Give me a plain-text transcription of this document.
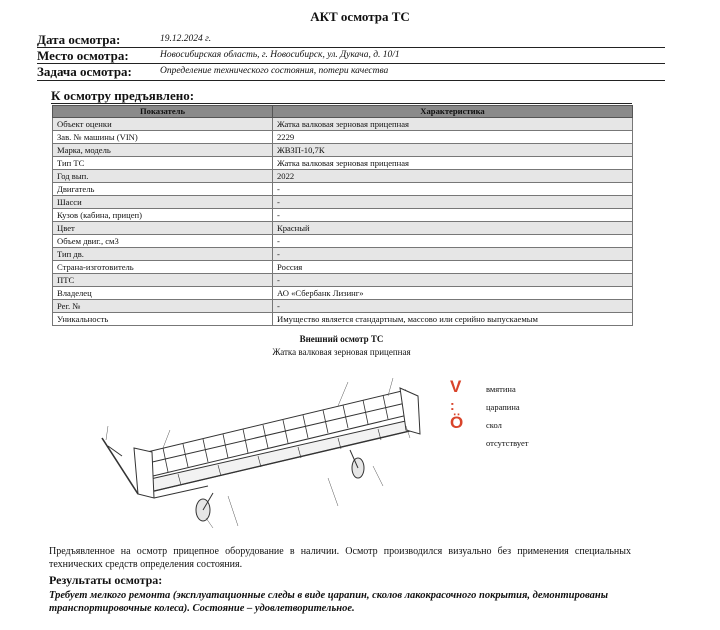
АКТ осмотра ТС
Дата осмотра:	19.12.2024 г.
Место осмотра:	Новосибирская область, г. Новосибирск, ул. Дукача, д. 10/1
Задача осмотра:	Определение технического состояния, потери качества
К осмотру предъявлено:
Показатель	Характеристика
Объект оценки	Жатка валковая зерновая прицепная
Зав. № машины (VIN)	2229
Марка, модель	ЖВЗП-10,7К
Тип ТС	Жатка валковая зерновая прицепная
Год вып.	2022
Двигатель	-
Шасси	-
Кузов (кабина, прицеп)	-
Цвет	Красный
Объем двиг., см3	-
Тип дв.	-
Страна-изготовитель	Россия
ПТС	-
Владелец	АО «Сбербанк Лизинг»
Рег. №	-
Уникальность	Имущество является стандартным, массово или серийно выпускаемым
Внешний осмотр ТС
Жатка валковая зерновая прицепная
V	вмятина
:	царапина
Ö	скол
отсутствует
Предъявленное на осмотр прицепное оборудование в наличии. Осмотр производился визуально без применения специальных технических средств определения состояния.
Результаты осмотра:
Требует мелкого ремонта (эксплуатационные следы в виде царапин, сколов лакокрасочного покрытия, демонтированы транспортировочные колеса). Состояние – удовлетворительное.
